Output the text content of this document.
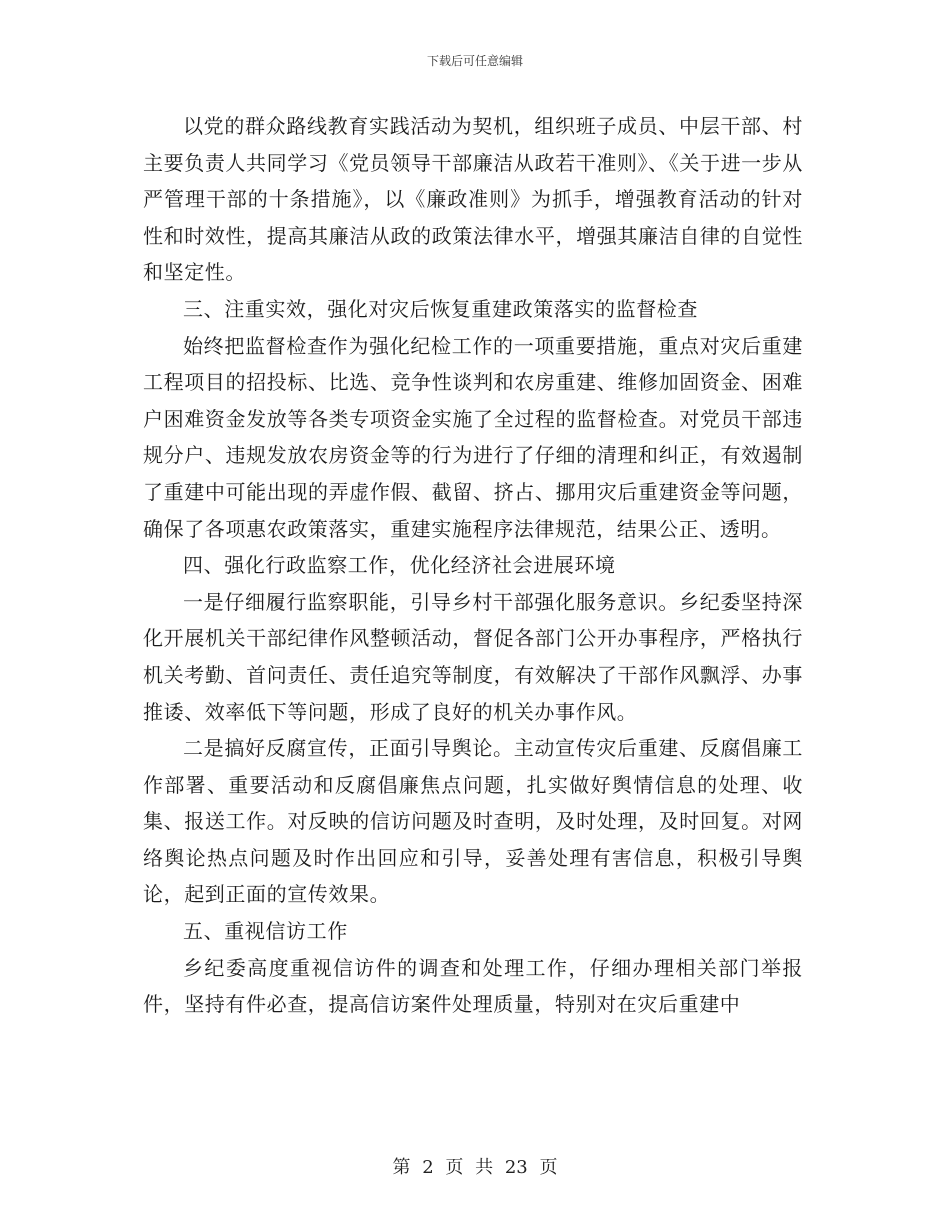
下载后可任意编辑

以党的群众路线教育实践活动为契机，组织班子成员、中层干部、村主要负责人共同学习《党员领导干部廉洁从政若干准则》、《关于进一步从严管理干部的十条措施》，以《廉政准则》为抓手，增强教育活动的针对性和时效性，提高其廉洁从政的政策法律水平，增强其廉洁自律的自觉性和坚定性。

三、注重实效，强化对灾后恢复重建政策落实的监督检查

始终把监督检查作为强化纪检工作的一项重要措施，重点对灾后重建工程项目的招投标、比选、竞争性谈判和农房重建、维修加固资金、困难户困难资金发放等各类专项资金实施了全过程的监督检查。对党员干部违规分户、违规发放农房资金等的行为进行了仔细的清理和纠正，有效遏制了重建中可能出现的弄虚作假、截留、挤占、挪用灾后重建资金等问题，确保了各项惠农政策落实，重建实施程序法律规范，结果公正、透明。

四、强化行政监察工作，优化经济社会进展环境

一是仔细履行监察职能，引导乡村干部强化服务意识。乡纪委坚持深化开展机关干部纪律作风整顿活动，督促各部门公开办事程序，严格执行机关考勤、首问责任、责任追究等制度，有效解决了干部作风飘浮、办事推诿、效率低下等问题，形成了良好的机关办事作风。

二是搞好反腐宣传，正面引导舆论。主动宣传灾后重建、反腐倡廉工作部署、重要活动和反腐倡廉焦点问题，扎实做好舆情信息的处理、收集、报送工作。对反映的信访问题及时查明，及时处理，及时回复。对网络舆论热点问题及时作出回应和引导，妥善处理有害信息，积极引导舆论，起到正面的宣传效果。

五、重视信访工作

乡纪委高度重视信访件的调查和处理工作，仔细办理相关部门举报件，坚持有件必查，提高信访案件处理质量，特别对在灾后重建中

第 2 页 共 23 页
